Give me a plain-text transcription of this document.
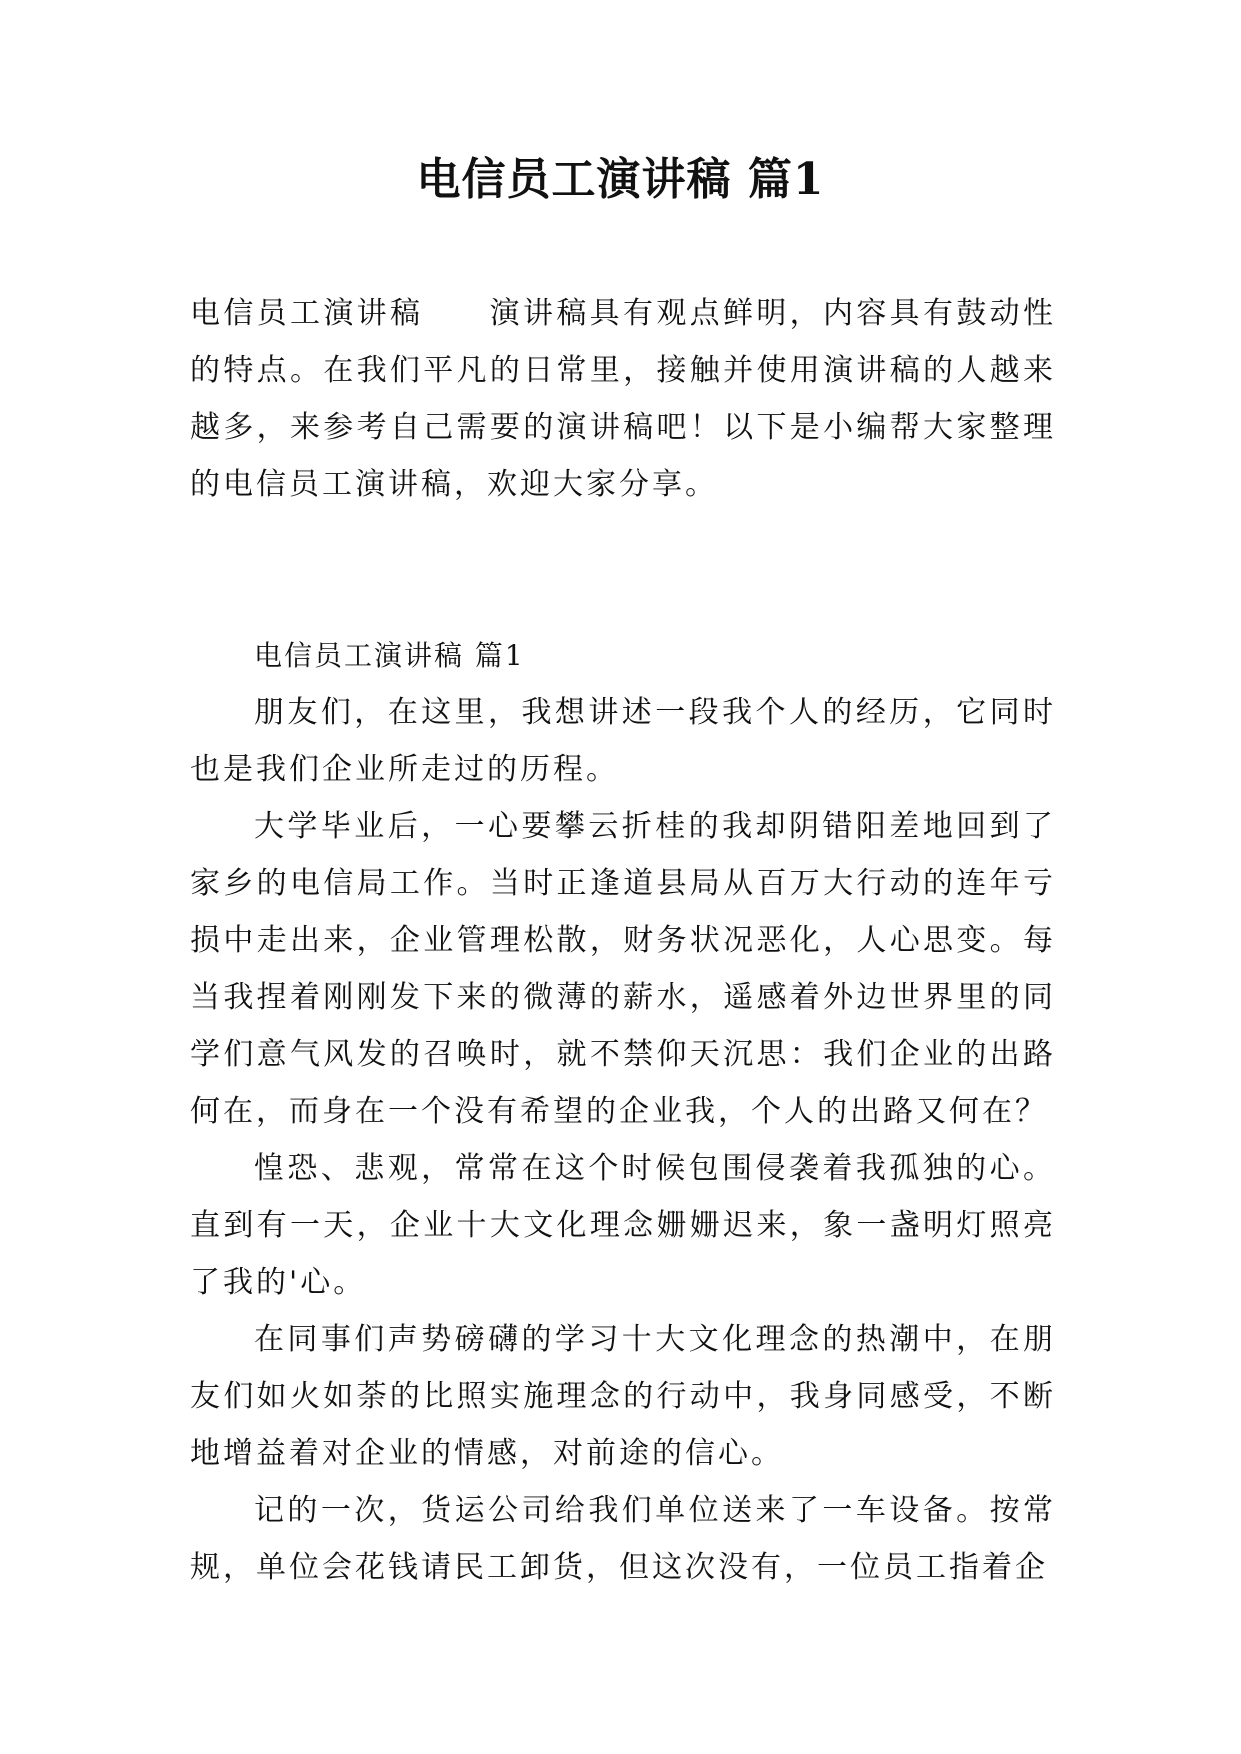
电信员工演讲稿 篇1

电信员工演讲稿 演讲稿具有观点鲜明，内容具有鼓动性的特点。在我们平凡的日常里，接触并使用演讲稿的人越来越多，来参考自己需要的演讲稿吧！以下是小编帮大家整理的电信员工演讲稿，欢迎大家分享。

电信员工演讲稿 篇1

朋友们，在这里，我想讲述一段我个人的经历，它同时也是我们企业所走过的历程。

大学毕业后，一心要攀云折桂的我却阴错阳差地回到了家乡的电信局工作。当时正逢道县局从百万大行动的连年亏损中走出来，企业管理松散，财务状况恶化，人心思变。每当我捏着刚刚发下来的微薄的薪水，遥感着外边世界里的同学们意气风发的召唤时，就不禁仰天沉思：我们企业的出路何在，而身在一个没有希望的企业我，个人的出路又何在？

惶恐、悲观，常常在这个时候包围侵袭着我孤独的心。直到有一天，企业十大文化理念姗姗迟来，象一盏明灯照亮了我的'心。

在同事们声势磅礴的学习十大文化理念的热潮中，在朋友们如火如荼的比照实施理念的行动中，我身同感受，不断地增益着对企业的情感，对前途的信心。

记的一次，货运公司给我们单位送来了一车设备。按常规，单位会花钱请民工卸货，但这次没有，一位员工指着企
